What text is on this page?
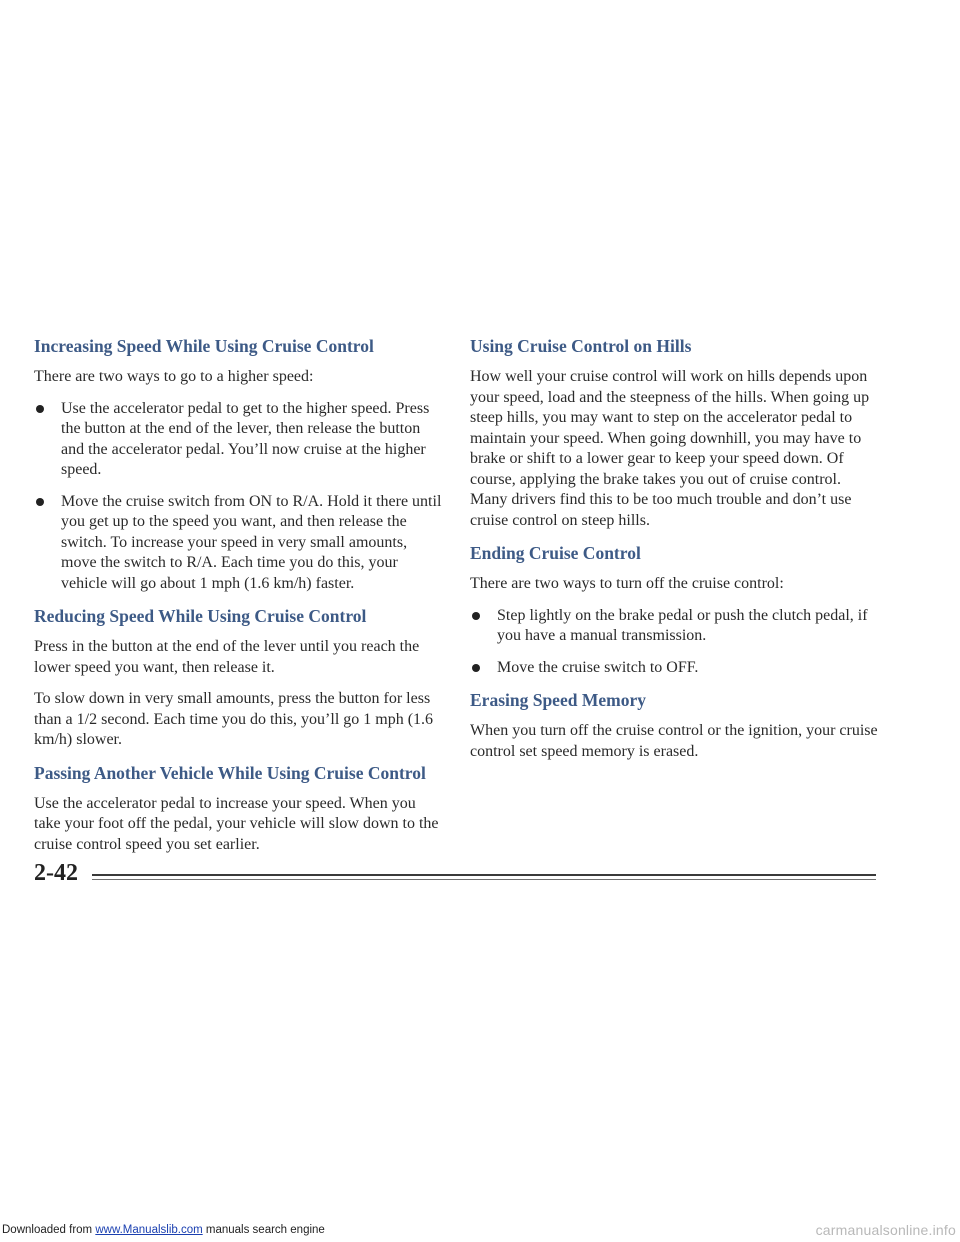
Increasing Speed While Using Cruise Control

There are two ways to go to a higher speed:

Use the accelerator pedal to get to the higher speed. Press the button at the end of the lever, then release the button and the accelerator pedal. You’ll now cruise at the higher speed.
Move the cruise switch from ON to R/A. Hold it there until you get up to the speed you want, and then release the switch. To increase your speed in very small amounts, move the switch to R/A. Each time you do this, your vehicle will go about 1 mph (1.6 km/h) faster.
Reducing Speed While Using Cruise Control

Press in the button at the end of the lever until you reach the lower speed you want, then release it.

To slow down in very small amounts, press the button for less than a 1/2 second. Each time you do this, you’ll go 1 mph (1.6 km/h) slower.

Passing Another Vehicle While Using Cruise Control

Use the accelerator pedal to increase your speed. When you take your foot off the pedal, your vehicle will slow down to the cruise control speed you set earlier.

Using Cruise Control on Hills

How well your cruise control will work on hills depends upon your speed, load and the steepness of the hills. When going up steep hills, you may want to step on the accelerator pedal to maintain your speed. When going downhill, you may have to brake or shift to a lower gear to keep your speed down. Of course, applying the brake takes you out of cruise control. Many drivers find this to be too much trouble and don’t use cruise control on steep hills.

Ending Cruise Control

There are two ways to turn off the cruise control:

Step lightly on the brake pedal or push the clutch pedal, if you have a manual transmission.
Move the cruise switch to OFF.
Erasing Speed Memory

When you turn off the cruise control or the ignition, your cruise control set speed memory is erased.

2-42
Downloaded from www.Manualslib.com manuals search engine	carmanualsonline.info
